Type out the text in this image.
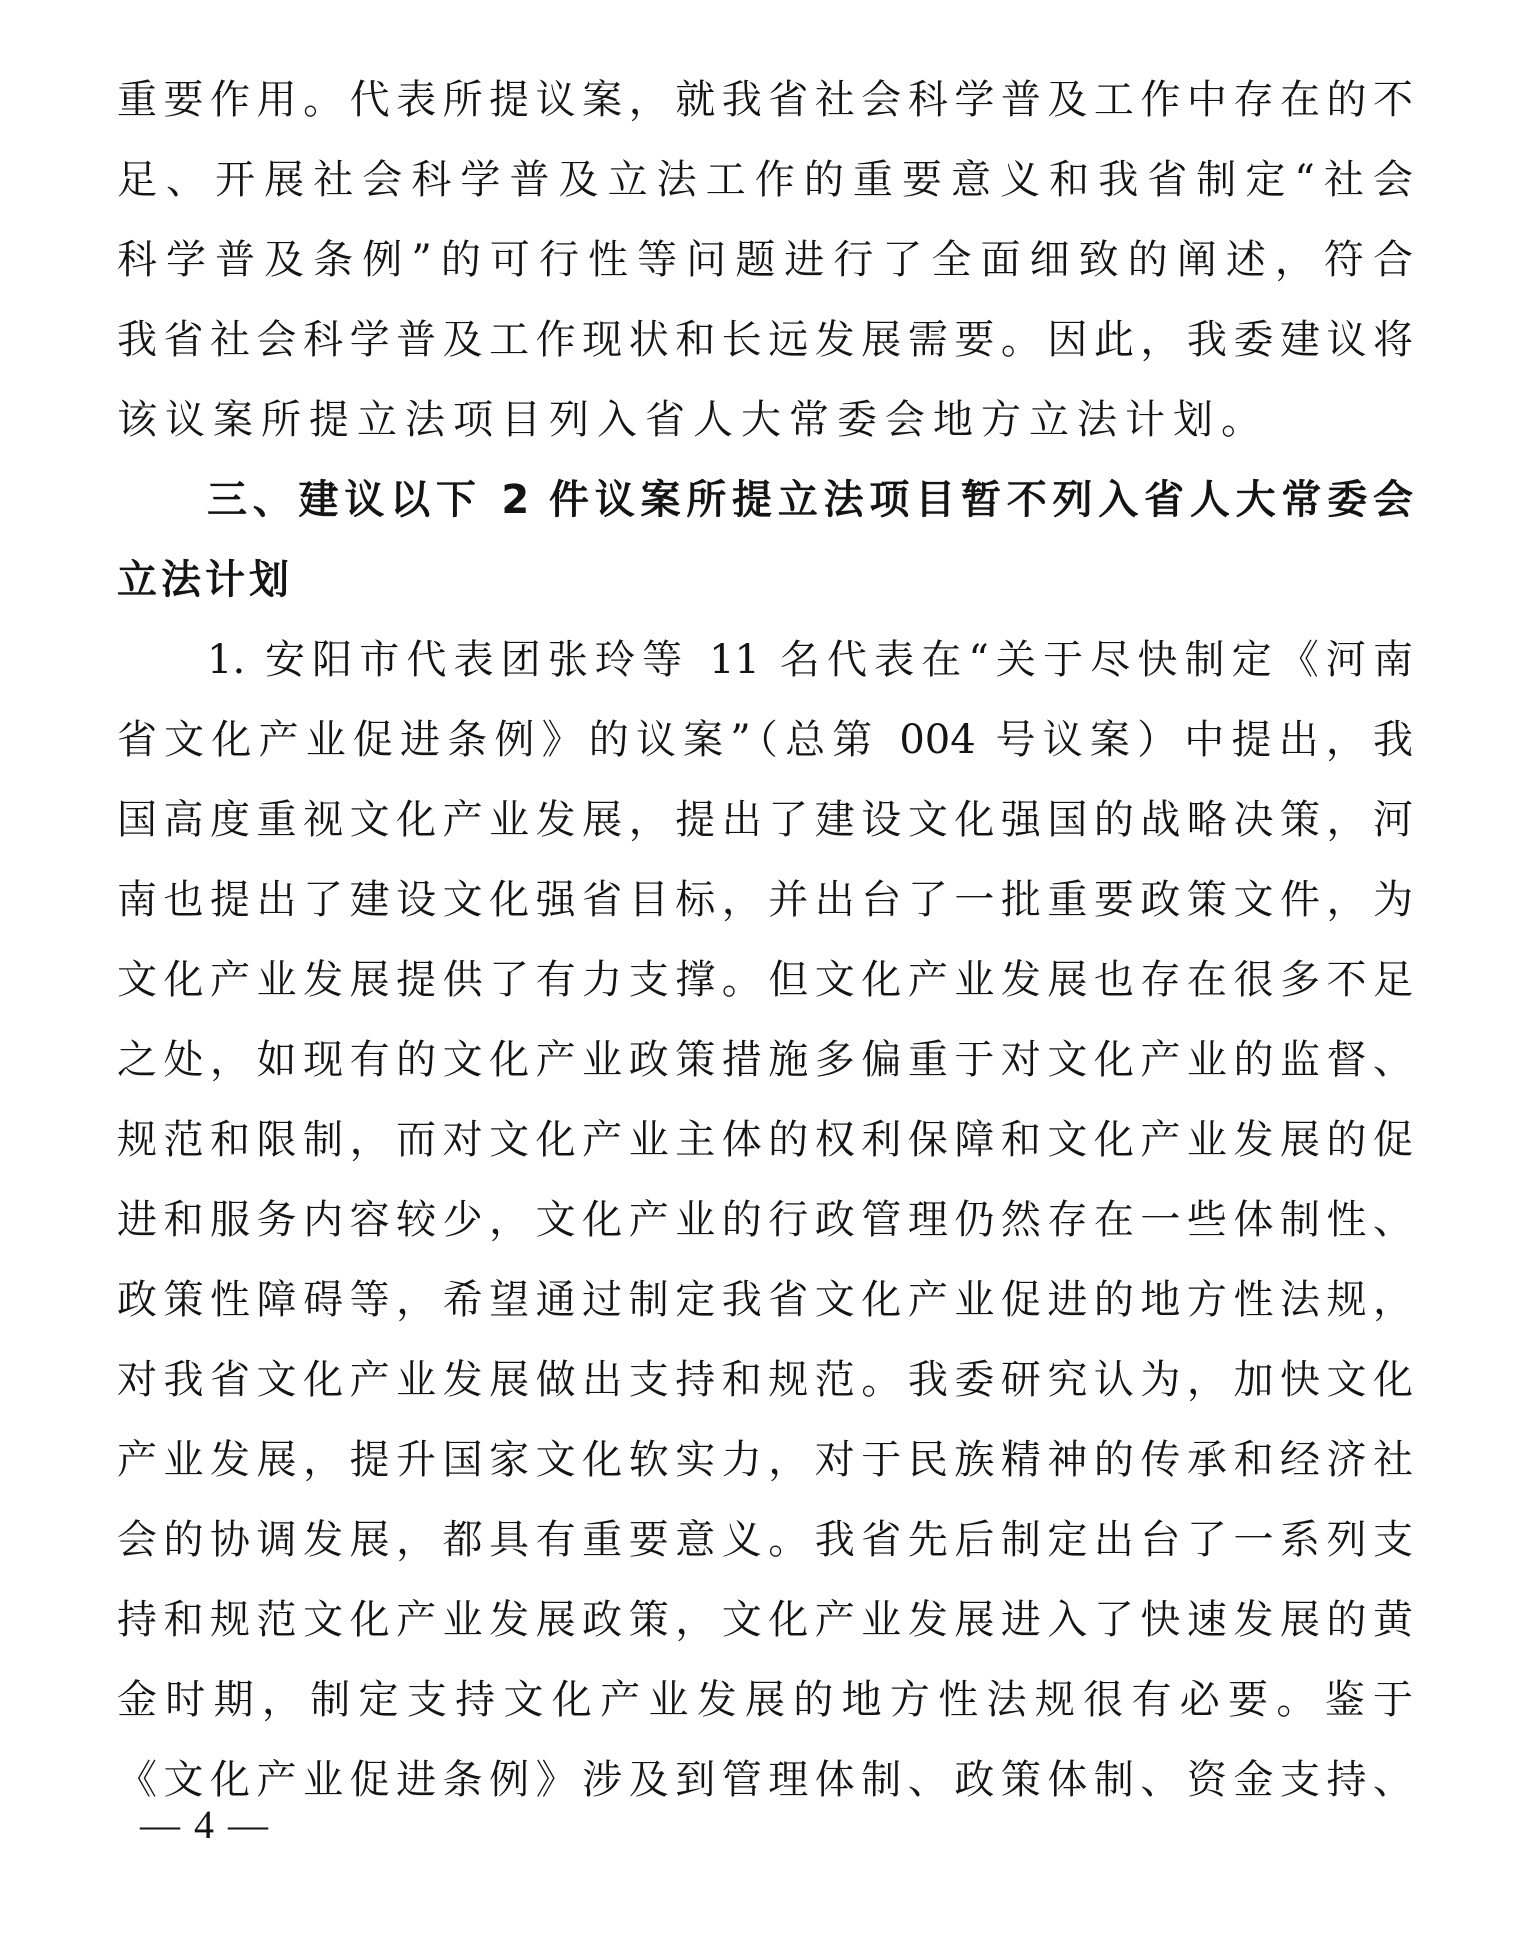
重要作用。代表所提议案，就我省社会科学普及工作中存在的不
足、开展社会科学普及立法工作的重要意义和我省制定“社会
科学普及条例”的可行性等问题进行了全面细致的阐述，符合
我省社会科学普及工作现状和长远发展需要。因此，我委建议将
该议案所提立法项目列入省人大常委会地方立法计划。
三、建议以下 2 件议案所提立法项目暂不列入省人大常委会
立法计划
1. 安阳市代表团张玲等 11 名代表在“关于尽快制定《河南
省文化产业促进条例》的议案”（总第 004 号议案）中提出，我
国高度重视文化产业发展，提出了建设文化强国的战略决策，河
南也提出了建设文化强省目标，并出台了一批重要政策文件，为
文化产业发展提供了有力支撑。但文化产业发展也存在很多不足
之处，如现有的文化产业政策措施多偏重于对文化产业的监督、
规范和限制，而对文化产业主体的权利保障和文化产业发展的促
进和服务内容较少，文化产业的行政管理仍然存在一些体制性、
政策性障碍等，希望通过制定我省文化产业促进的地方性法规，
对我省文化产业发展做出支持和规范。我委研究认为，加快文化
产业发展，提升国家文化软实力，对于民族精神的传承和经济社
会的协调发展，都具有重要意义。我省先后制定出台了一系列支
持和规范文化产业发展政策，文化产业发展进入了快速发展的黄
金时期，制定支持文化产业发展的地方性法规很有必要。鉴于
《文化产业促进条例》涉及到管理体制、政策体制、资金支持、
— 4 —
